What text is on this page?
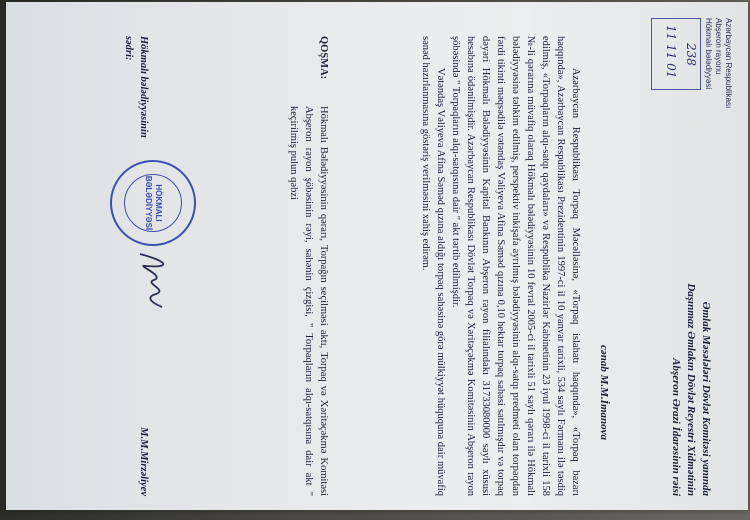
Azərbaycan Respublikası
Abşeron rayonu
Hökmalı bələdiyyəsi
238
11 11 01
Əmlak Məsələləri Dövlət Komitəsi yanında
Daşınmaz Əmlakın Dövlət Reyestri Xidmətinin
Abşeron Ərazi İdarəsinin rəisi
cənab M.M.İmanova

Azərbaycan Respublikası Torpaq Məcəlləsinə, «Torpaq islahatı haqqında», «Torpaq bazarı haqqında», Azərbaycan Respublikası Prezidentinin 1997-ci il 10 yanvar tarixli, 534 saylı Fərmanı ilə təsdiq edilmiş, «Torpaqların alqı-satqı qaydaları» və Respublika Nazirlər Kabinetinin 23 iyul 1998-ci il tarixli 158 №-li qərarına müvafiq olaraq Hökmalı bələdiyyəsinin 10 fevral 2005-ci il tarixli 51 saylı qərarı ilə Hökmalı bələdiyyəsinə təhkim edilmiş, perspektiv inkişafa ayrılmış bələdiyyəsinin alqı-satqı predmeti olan torpaqdan fərdi tikinti məqsədilə vətəndaş Vəliyeva Afina Səməd qızına 0,10 hektar torpaq sahəsi satılmışdır və torpaq dəyəri Hökmalı Bələdiyyəsinin Kapital Bankının Abşeron rayon filialındakı 31733080000 saylı xüsusi hesabına ödənilmişdir. Azərbaycan Respublikası Dövlət Torpaq və Xəritəçəkmə Komitəsinin Abşeron rayon şöbəsində " Torpaqların alqı-satqısına dair " akt tərtib edilmişdir.

Vətəndaş Vəliyeva Afina Səməd qızına aldığı torpaq sahəsinə görə mülkiyyət hüququna dair müvafiq sənəd hazırlanmasına göstəriş verilməsini xahiş edirəm.

QOŞMA:
Hökmalı Bələdiyyəsinin qərarı, Torpağın seçilməsi aktı, Torpaq və Xəritəçəkmə Komitəsi Abşeron rayon şöbəsinin rəyi, sahənin çizgisi, " Torpaqların alqı-satqısına dair akt " keçirilmiş pulun qəbzi
HÖKMALI
BƏLƏDİYYƏSİ
Hökmalı bələdiyyəsinin
sədri:
M.M.Mirzəliyev
